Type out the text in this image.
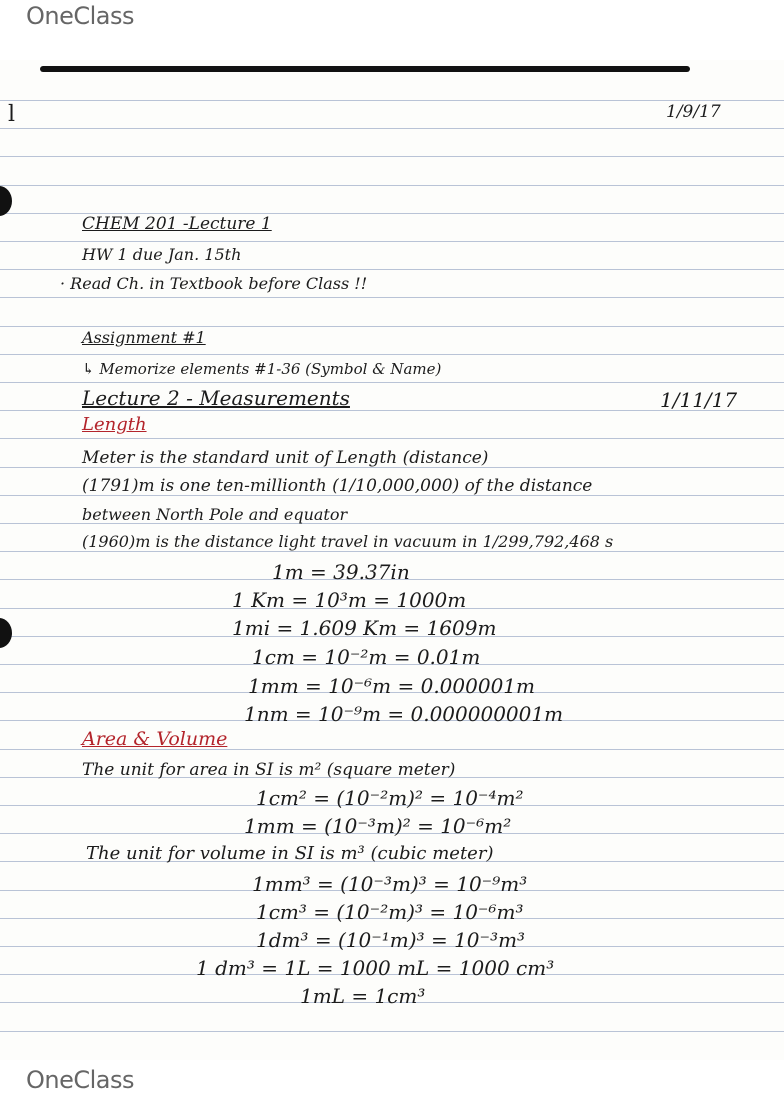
OneClass
l	1/9/17
CHEM 201 -Lecture 1
HW 1 due Jan. 15th
· Read Ch. in Textbook before Class !!
Assignment #1
↳ Memorize elements #1-36 (Symbol & Name)
Lecture 2 - Measurements	1/11/17
Length
Meter is the standard unit of Length (distance)
(1791)m is one ten-millionth (1/10,000,000) of the distance
between North Pole and equator
(1960)m is the distance light travel in vacuum in 1/299,792,468 s
1m = 39.37in
1 Km = 10³m = 1000m
1mi = 1.609 Km = 1609m
1cm = 10⁻²m = 0.01m
1mm = 10⁻⁶m = 0.000001m
1nm = 10⁻⁹m = 0.000000001m
Area & Volume
The unit for area in SI is m² (square meter)
1cm² = (10⁻²m)² = 10⁻⁴m²
1mm = (10⁻³m)² = 10⁻⁶m²
The unit for volume in SI is m³ (cubic meter)
1mm³ = (10⁻³m)³ = 10⁻⁹m³
1cm³ = (10⁻²m)³ = 10⁻⁶m³
1dm³ = (10⁻¹m)³ = 10⁻³m³
1 dm³ = 1L = 1000 mL = 1000 cm³
1mL = 1cm³
OneClass
